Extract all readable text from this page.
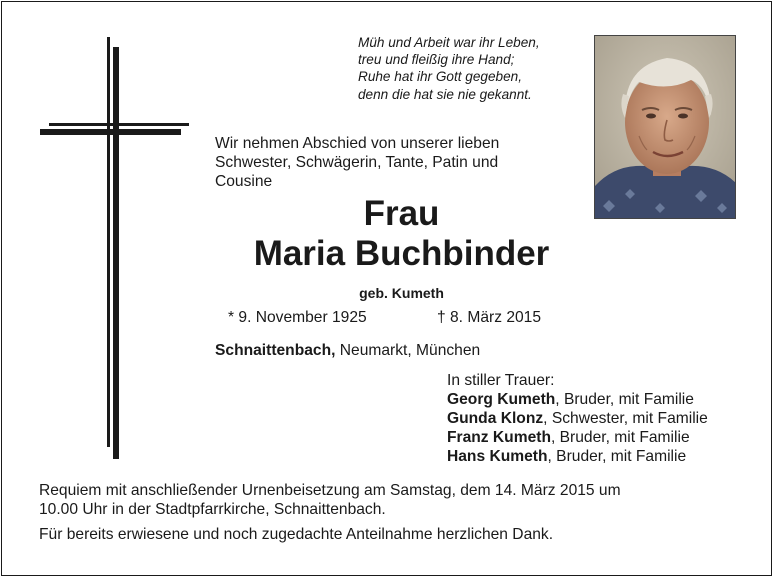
Müh und Arbeit war ihr Leben,
treu und fleißig ihre Hand;
Ruhe hat ihr Gott gegeben,
denn die hat sie nie gekannt.
Wir nehmen Abschied von unserer lieben
Schwester, Schwägerin, Tante, Patin und
Cousine
Frau
Maria Buchbinder
geb. Kumeth
* 9. November 1925	† 8. März 2015
Schnaittenbach, Neumarkt, München
In stiller Trauer:
Georg Kumeth, Bruder, mit Familie
Gunda Klonz, Schwester, mit Familie
Franz Kumeth, Bruder, mit Familie
Hans Kumeth, Bruder, mit Familie
Requiem mit anschließender Urnenbeisetzung am Samstag, dem 14. März 2015 um
10.00 Uhr in der Stadtpfarrkirche, Schnaittenbach.
Für bereits erwiesene und noch zugedachte Anteilnahme herzlichen Dank.
